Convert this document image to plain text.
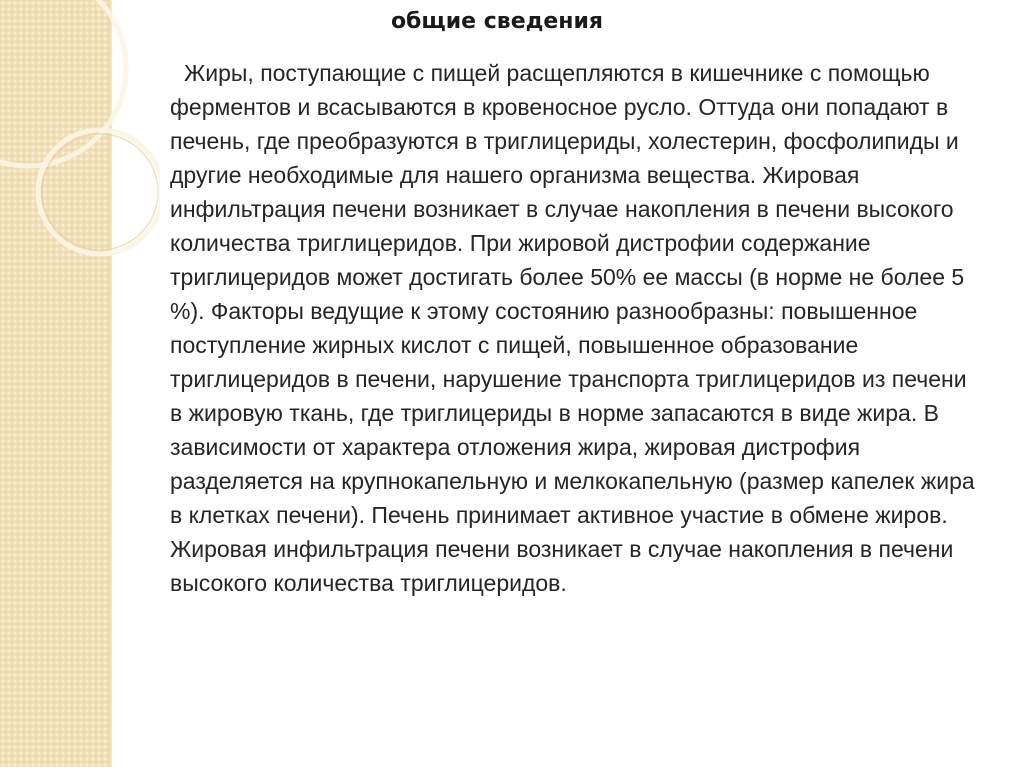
общие сведения

Жиры, поступающие с пищей расщепляются в кишечнике с помощью ферментов и всасываются в кровеносное русло. Оттуда они попадают в печень, где преобразуются в триглицериды, холестерин, фосфолипиды и другие необходимые для нашего организма вещества. Жировая инфильтрация печени возникает в случае накопления в печени высокого количества триглицеридов. При жировой дистрофии содержание триглицеридов может достигать более 50% ее массы (в норме не более 5 %). Факторы ведущие к этому состоянию разнообразны: повышенное поступление жирных кислот с пищей, повышенное образование триглицеридов в печени, нарушение транспорта триглицеридов из печени в жировую ткань, где триглицериды в норме запасаются в виде жира. В зависимости от характера отложения жира, жировая дистрофия разделяется на крупнокапельную и мелкокапельную (размер капелек жира в клетках печени). Печень принимает активное участие в обмене жиров. Жировая инфильтрация печени возникает в случае накопления в печени высокого количества триглицеридов.
